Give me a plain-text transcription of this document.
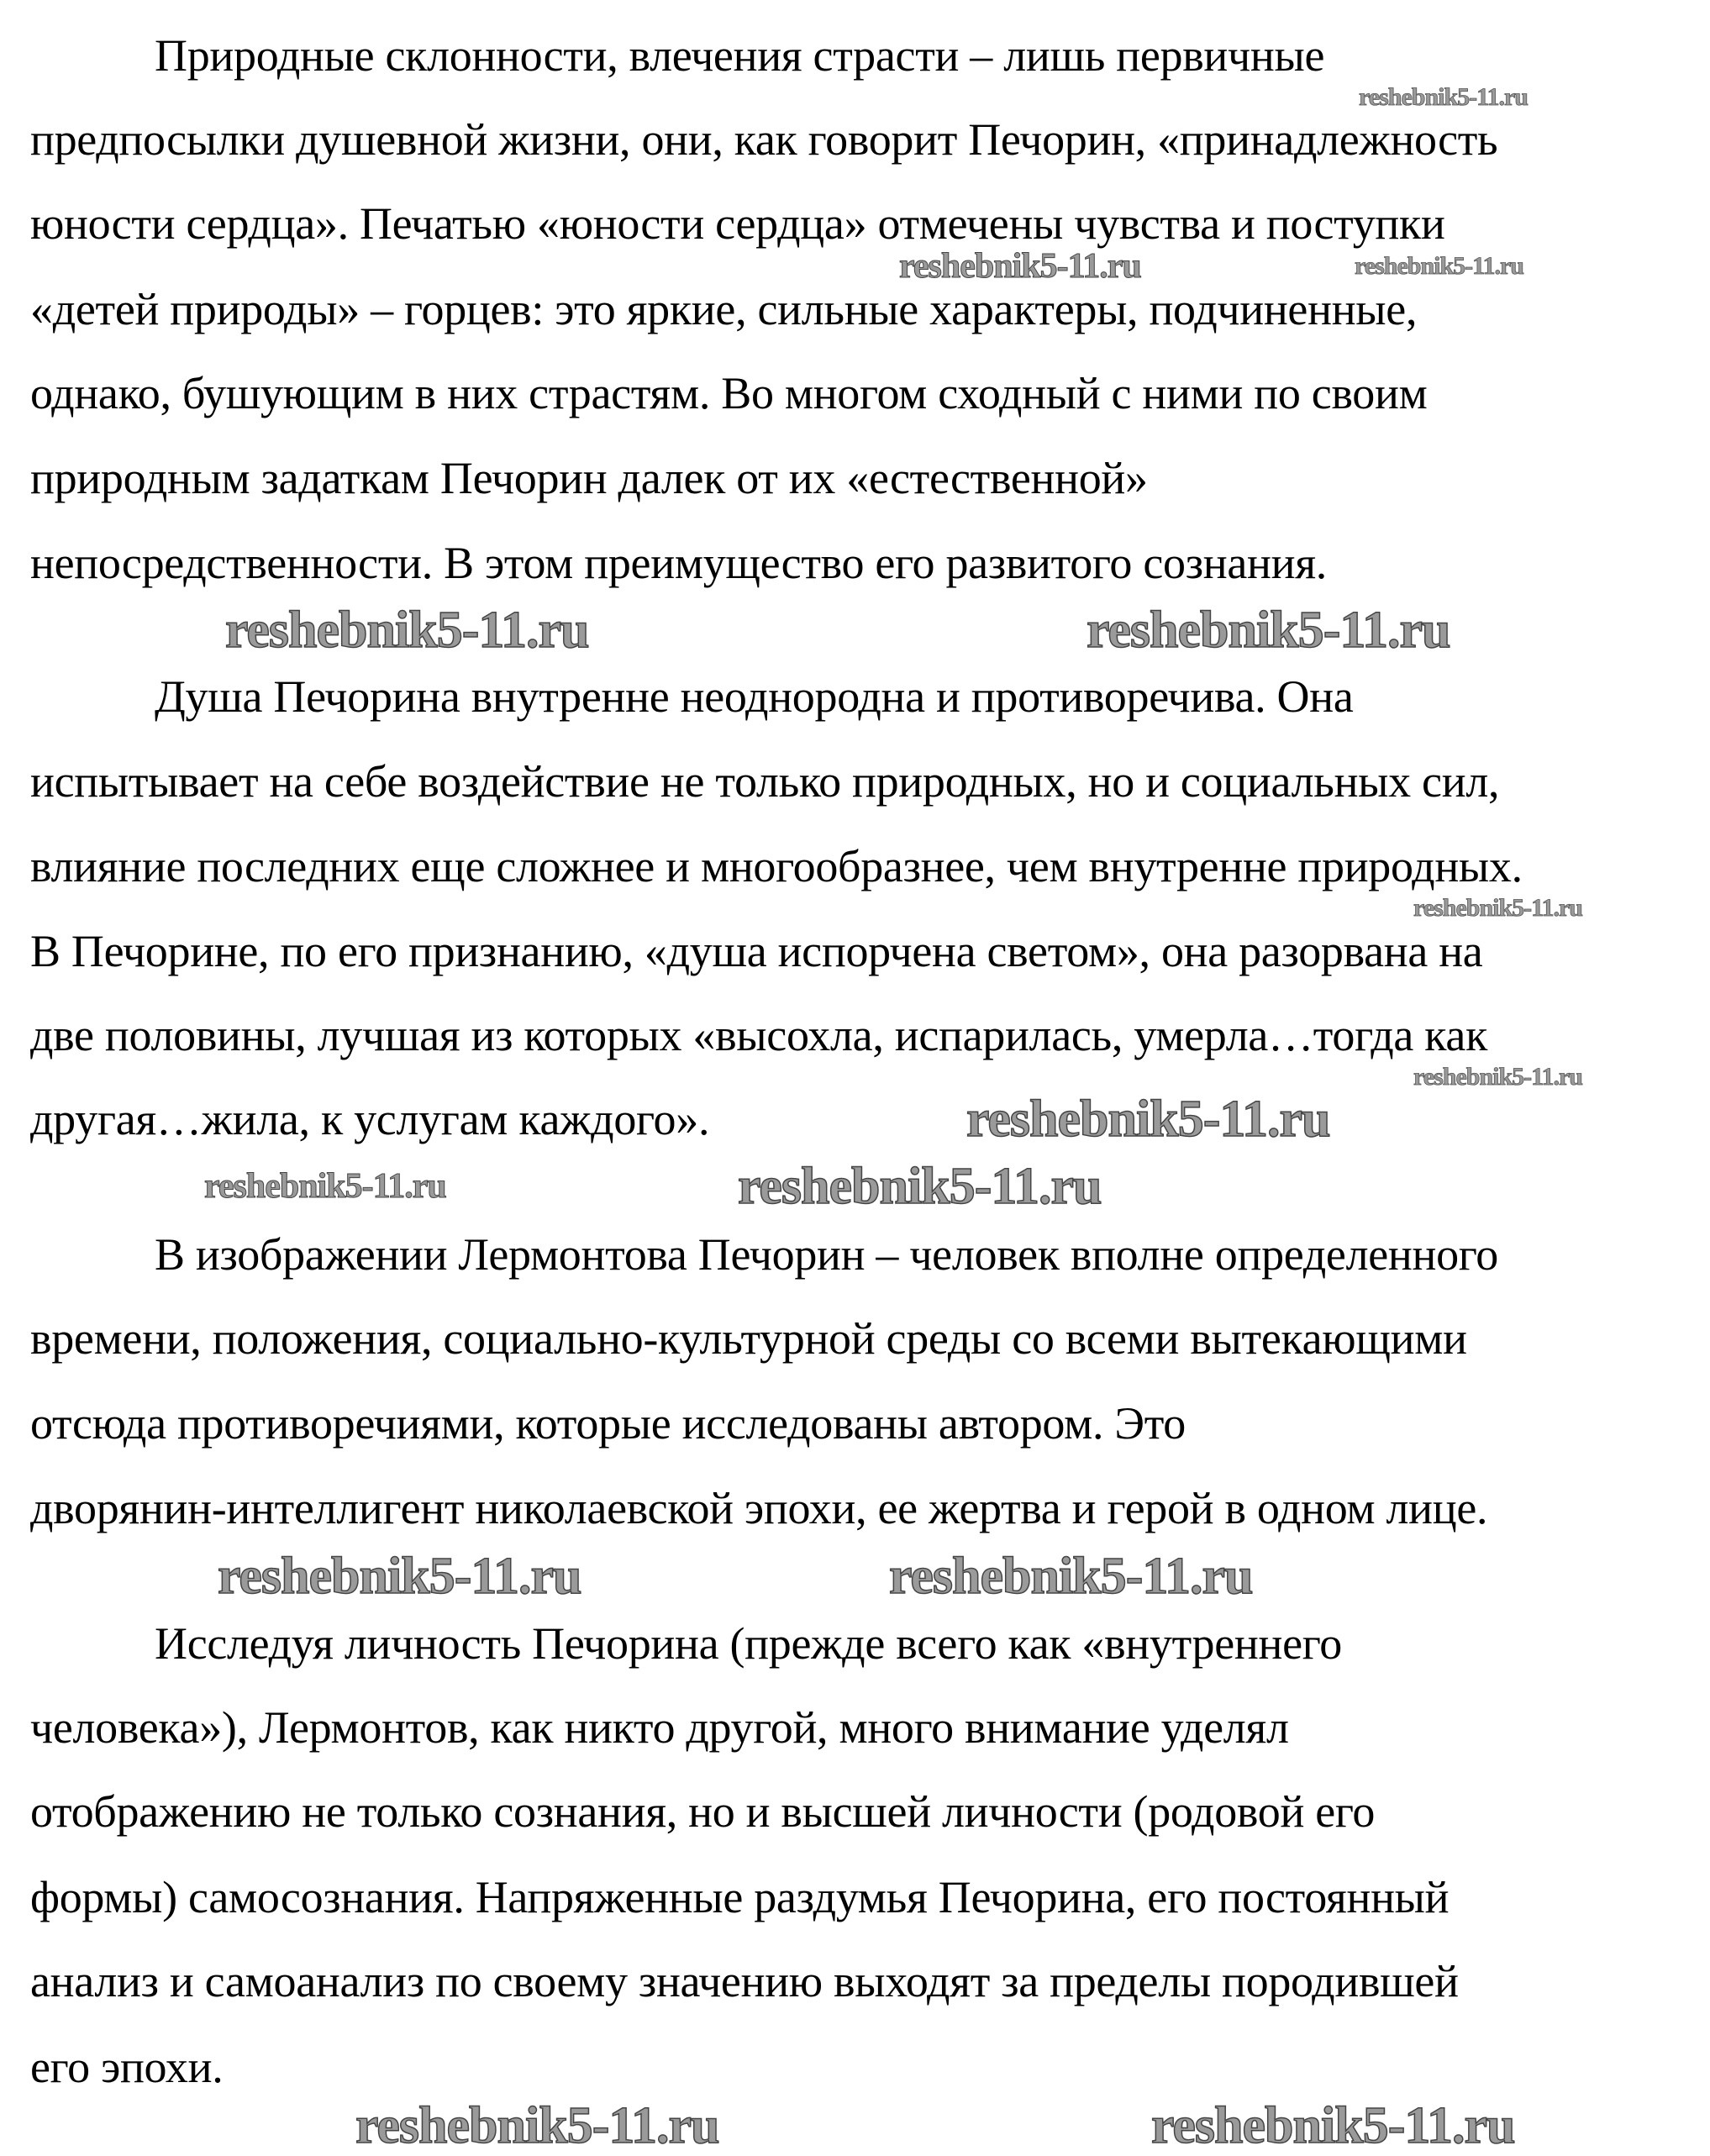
Природные склонности, влечения страсти – лишь первичные
предпосылки душевной жизни, они, как говорит Печорин, «принадлежность
юности сердца». Печатью «юности сердца» отмечены чувства и поступки
«детей природы» – горцев: это яркие, сильные характеры, подчиненные,
однако, бушующим в них страстям. Во многом сходный с ними по своим
природным задаткам Печорин далек от их «естественной»
непосредственности. В этом преимущество его развитого сознания.
Душа Печорина внутренне неоднородна и противоречива. Она
испытывает на себе воздействие не только природных, но и социальных сил,
влияние последних еще сложнее и многообразнее, чем внутренне природных.
В Печорине, по его признанию, «душа испорчена светом», она разорвана на
две половины, лучшая из которых «высохла, испарилась, умерла…тогда как
другая…жила, к услугам каждого».
В изображении Лермонтова Печорин – человек вполне определенного
времени, положения, социально-культурной среды со всеми вытекающими
отсюда противоречиями, которые исследованы автором. Это
дворянин-интеллигент николаевской эпохи, ее жертва и герой в одном лице.
Исследуя личность Печорина (прежде всего как «внутреннего
человека»), Лермонтов, как никто другой, много внимание уделял
отображению не только сознания, но и высшей личности (родовой его
формы) самосознания. Напряженные раздумья Печорина, его постоянный
анализ и самоанализ по своему значению выходят за пределы породившей
его эпохи.
reshebnik5-11.ru
reshebnik5-11.ru	reshebnik5-11.ru
reshebnik5-11.ru	reshebnik5-11.ru
reshebnik5-11.ru
reshebnik5-11.ru
reshebnik5-11.ru
reshebnik5-11.ru	reshebnik5-11.ru
reshebnik5-11.ru	reshebnik5-11.ru
reshebnik5-11.ru	reshebnik5-11.ru
